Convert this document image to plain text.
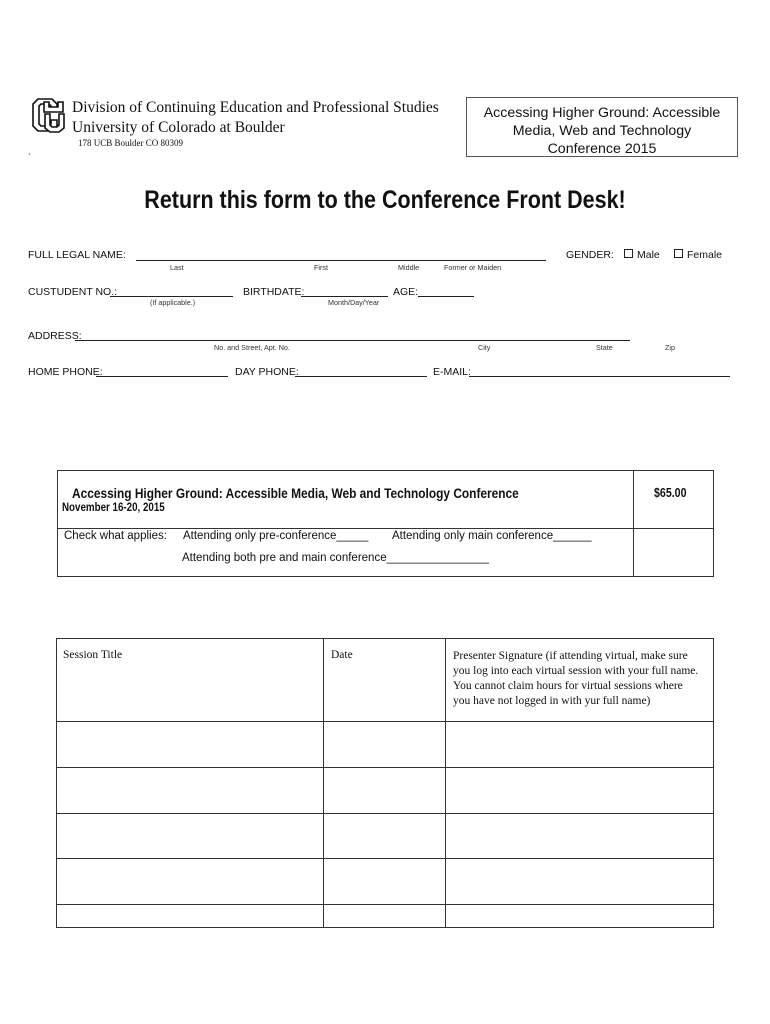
Division of Continuing Education and Professional Studies
University of Colorado at Boulder
178 UCB Boulder CO 80309
`
Accessing Higher Ground: Accessible
Media, Web and Technology
Conference 2015
Return this form to the Conference Front Desk!
FULL LEGAL NAME:
Last	First	Middle	Former or Maiden
GENDER:	Male	Female
CUSTUDENT NO.:
(If applicable.)
BIRTHDATE:
Month/Day/Year
AGE:
ADDRESS:
No. and Street, Apt. No.	City	State	Zip
HOME PHONE:	DAY PHONE:	E-MAIL:
Accessing Higher Ground: Accessible Media, Web and Technology Conference
November 16-20, 2015
$65.00
Check what applies: Attending only pre-conference_____ Attending only main conference______
Attending both pre and main conference________________
Session Title	Date	Presenter Signature (if attending virtual, make sure you log into each virtual session with your full name. You cannot claim hours for virtual sessions where you have not logged in with yur full name)
